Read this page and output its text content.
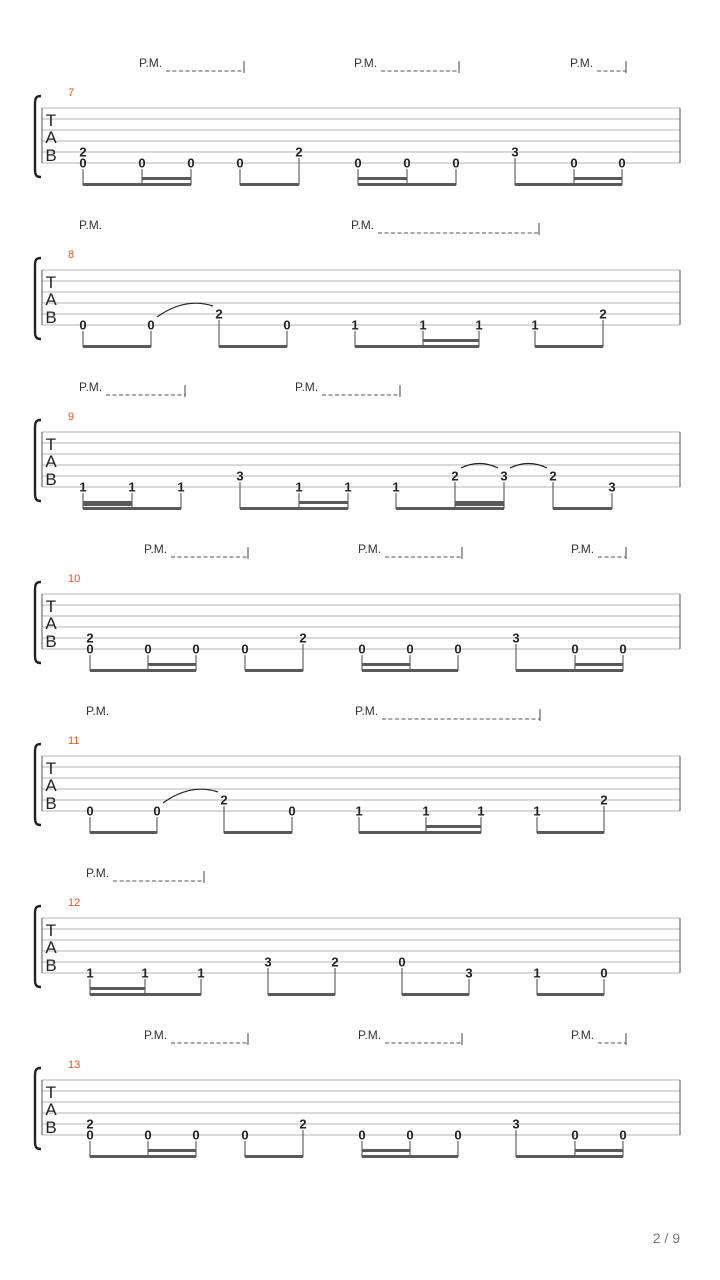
T
A
B
7
P.M.	P.M.	P.M.
2
0	0	0	0
2
0	0	0
3
0	0
T
A
B
8
P.M.	P.M.
0	0
2
0	1	1	1	1
2
T
A
B
9
P.M.	P.M.
1	1	1
3
1	1	1
2	3	2
3
T
A
B
10
P.M.	P.M.	P.M.
2
0	0	0	0
2
0	0	0
3
0	0
T
A
B
11
P.M.	P.M.
0	0
2
0	1	1	1	1
2
T
A
B
12
P.M.
1	1	1
3	2	0
3	1	0
T
A
B
13
P.M.	P.M.	P.M.
2
0	0	0	0
2
0	0	0
3
0	0
2 / 9
